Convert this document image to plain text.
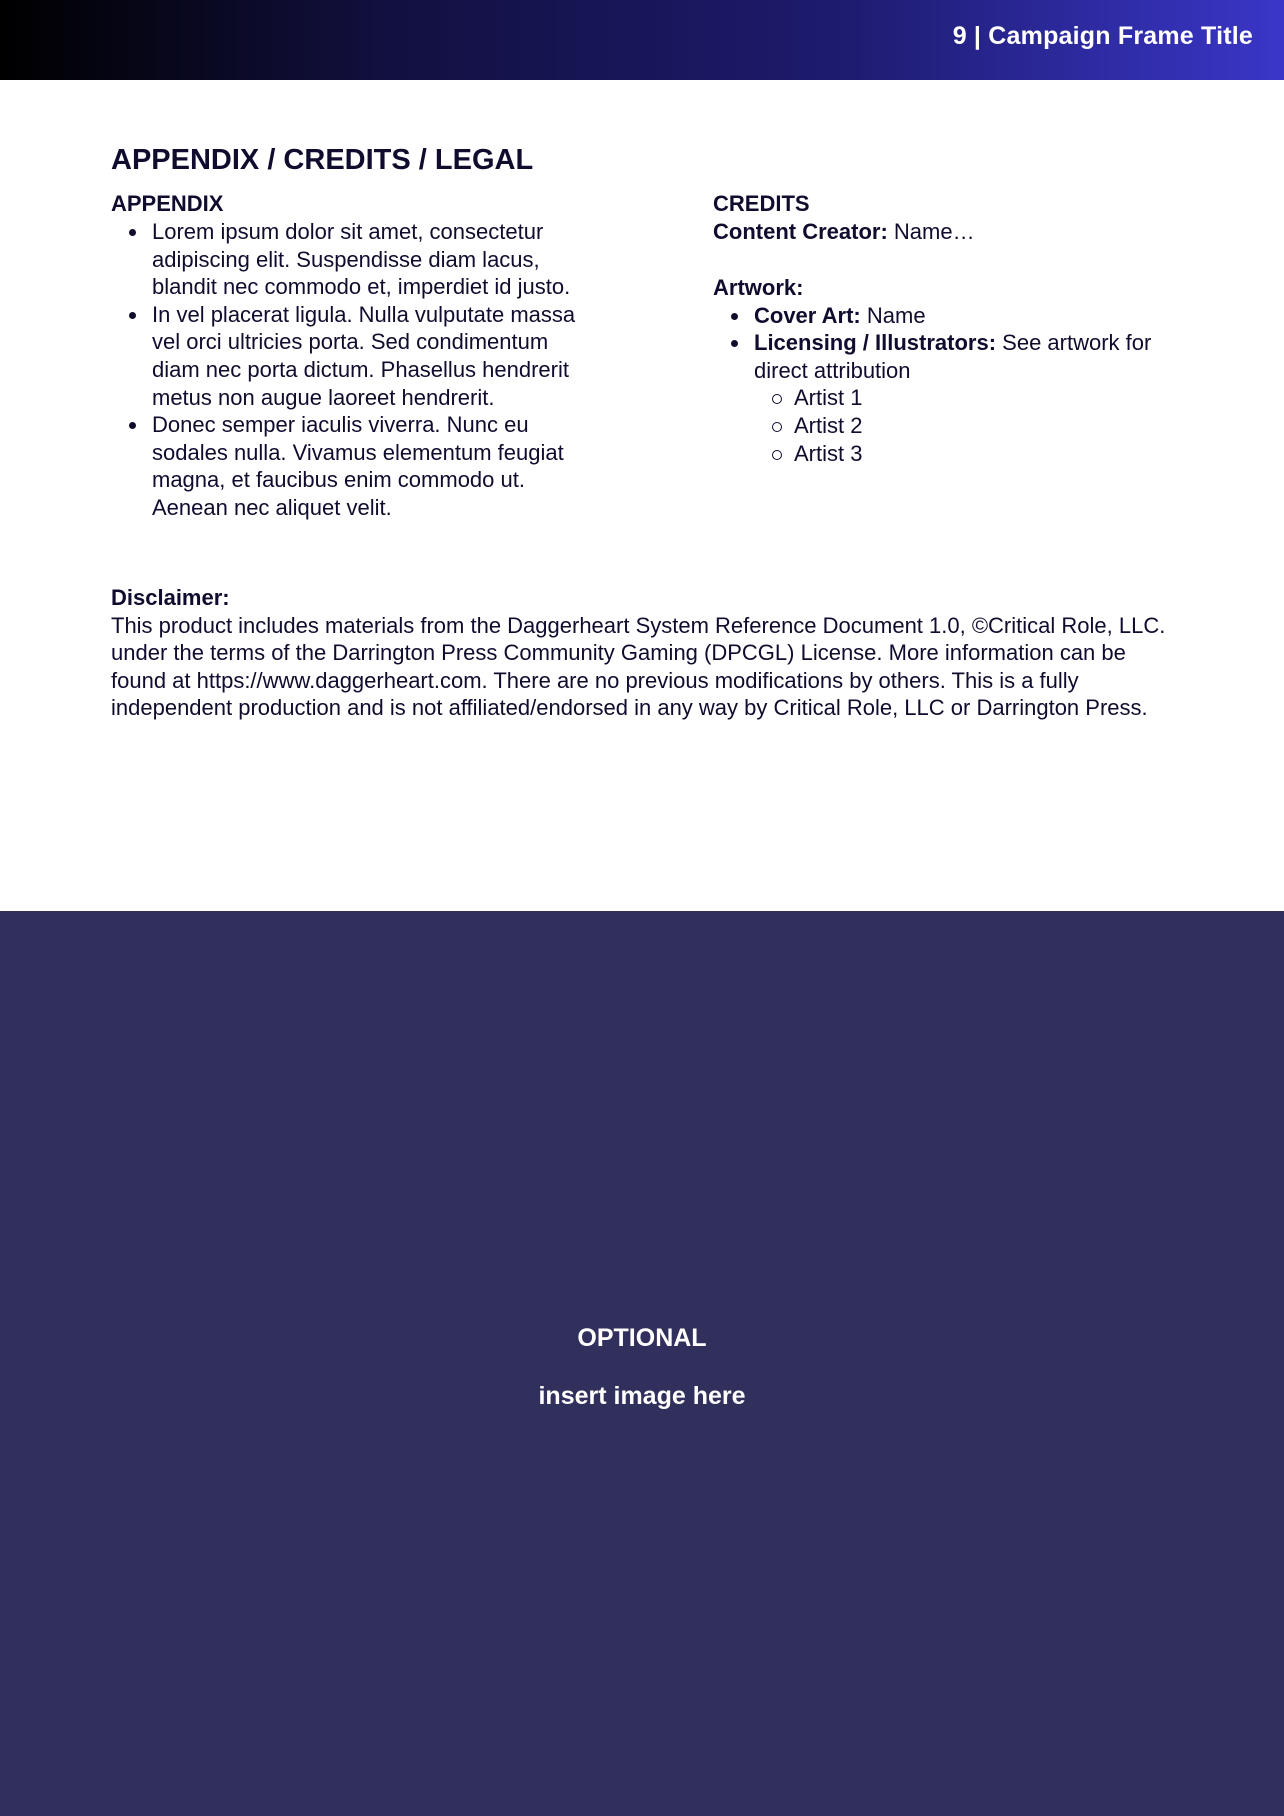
9 | Campaign Frame Title
APPENDIX / CREDITS / LEGAL
APPENDIX
Lorem ipsum dolor sit amet, consectetur adipiscing elit. Suspendisse diam lacus, blandit nec commodo et, imperdiet id justo.
In vel placerat ligula. Nulla vulputate massa vel orci ultricies porta. Sed condimentum diam nec porta dictum. Phasellus hendrerit metus non augue laoreet hendrerit.
Donec semper iaculis viverra. Nunc eu sodales nulla. Vivamus elementum feugiat magna, et faucibus enim commodo ut. Aenean nec aliquet velit.
CREDITS
Content Creator: Name…
Artwork:
Cover Art: Name
Licensing / Illustrators: See artwork for direct attribution
Artist 1
Artist 2
Artist 3
Disclaimer:
This product includes materials from the Daggerheart System Reference Document 1.0, ©Critical Role, LLC. under the terms of the Darrington Press Community Gaming (DPCGL) License. More information can be found at https://www.daggerheart.com. There are no previous modifications by others. This is a fully independent production and is not affiliated/endorsed in any way by Critical Role, LLC or Darrington Press.
OPTIONAL
insert image here
